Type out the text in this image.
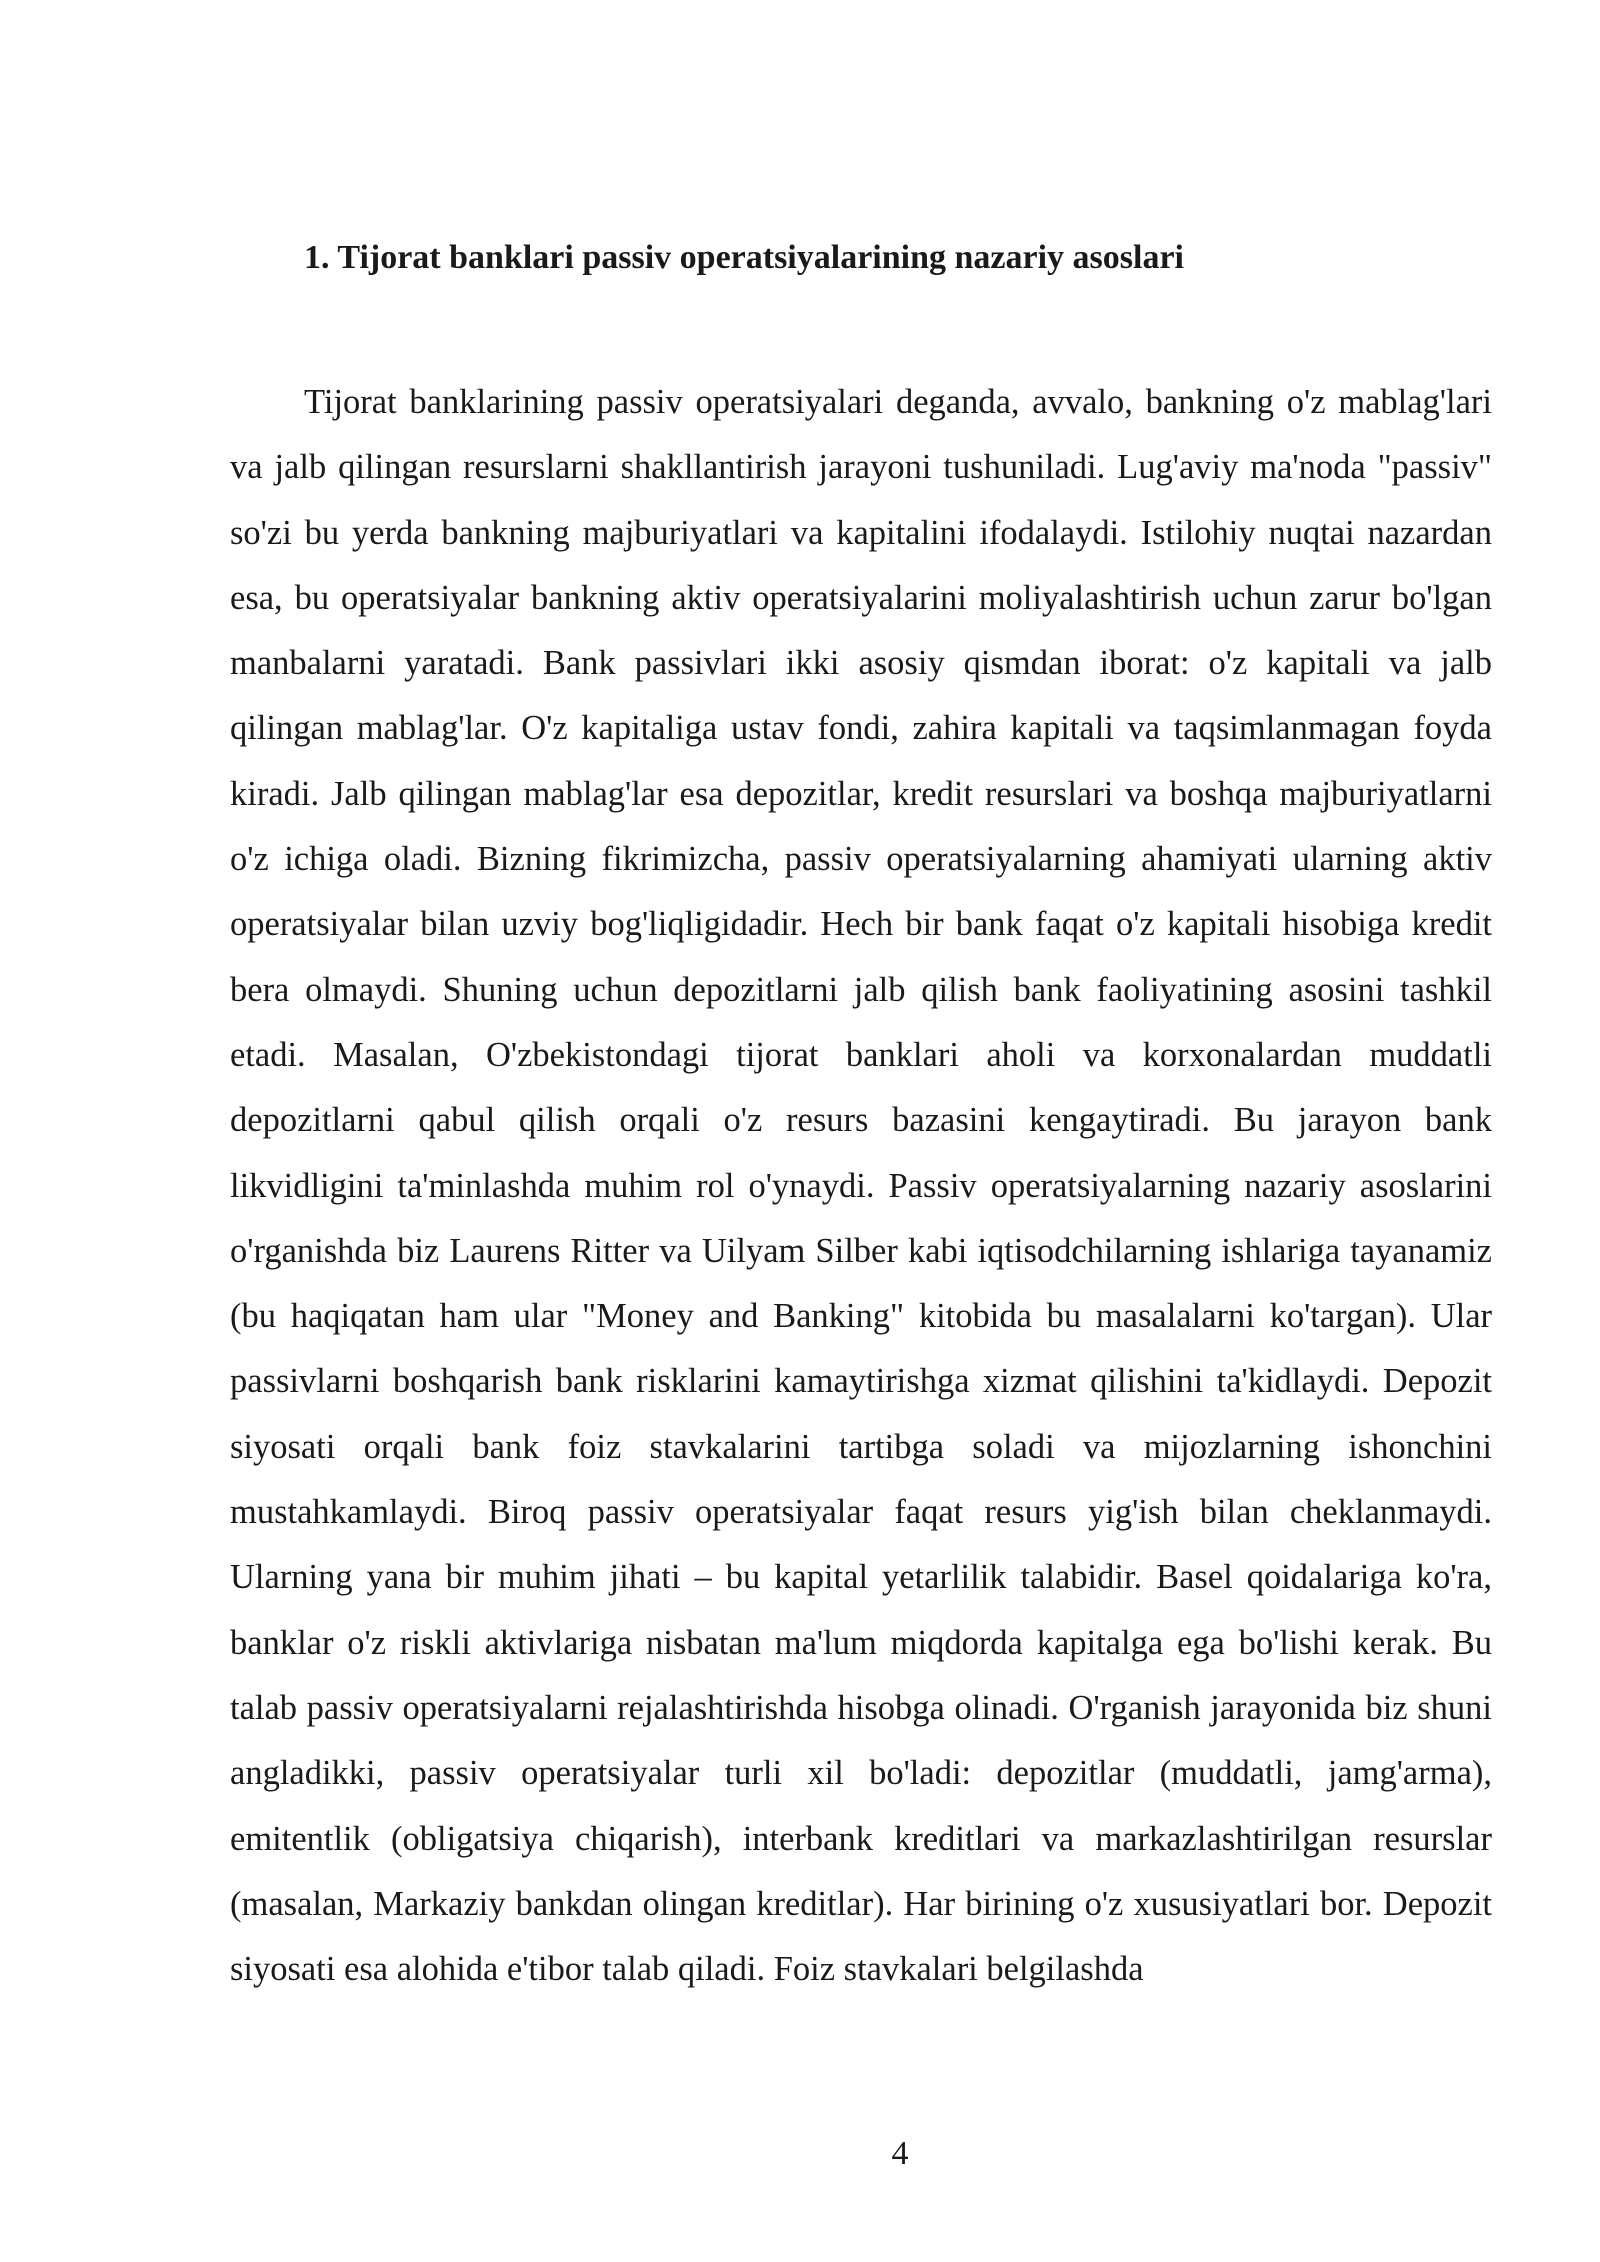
1. Tijorat banklari passiv operatsiyalarining nazariy asoslari

Tijorat banklarining passiv operatsiyalari deganda, avvalo, bankning o'z mablag'lari va jalb qilingan resurslarni shakllantirish jarayoni tushuniladi. Lug'aviy ma'noda "passiv" so'zi bu yerda bankning majburiyatlari va kapitalini ifodalaydi. Istilohiy nuqtai nazardan esa, bu operatsiyalar bankning aktiv operatsiyalarini moliyalashtirish uchun zarur bo'lgan manbalarni yaratadi. Bank passivlari ikki asosiy qismdan iborat: o'z kapitali va jalb qilingan mablag'lar. O'z kapitaliga ustav fondi, zahira kapitali va taqsimlanmagan foyda kiradi. Jalb qilingan mablag'lar esa depozitlar, kredit resurslari va boshqa majburiyatlarni o'z ichiga oladi. Bizning fikrimizcha, passiv operatsiyalarning ahamiyati ularning aktiv operatsiyalar bilan uzviy bog'liqligidadir. Hech bir bank faqat o'z kapitali hisobiga kredit bera olmaydi. Shuning uchun depozitlarni jalb qilish bank faoliyatining asosini tashkil etadi. Masalan, O'zbekistondagi tijorat banklari aholi va korxonalardan muddatli depozitlarni qabul qilish orqali o'z resurs bazasini kengaytiradi. Bu jarayon bank likvidligini ta'minlashda muhim rol o'ynaydi. Passiv operatsiyalarning nazariy asoslarini o'rganishda biz Laurens Ritter va Uilyam Silber kabi iqtisodchilarning ishlariga tayanamiz (bu haqiqatan ham ular "Money and Banking" kitobida bu masalalarni ko'targan). Ular passivlarni boshqarish bank risklarini kamaytirishga xizmat qilishini ta'kidlaydi. Depozit siyosati orqali bank foiz stavkalarini tartibga soladi va mijozlarning ishonchini mustahkamlaydi. Biroq passiv operatsiyalar faqat resurs yig'ish bilan cheklanmaydi. Ularning yana bir muhim jihati – bu kapital yetarlilik talabidir. Basel qoidalariga ko'ra, banklar o'z riskli aktivlariga nisbatan ma'lum miqdorda kapitalga ega bo'lishi kerak. Bu talab passiv operatsiyalarni rejalashtirishda hisobga olinadi. O'rganish jarayonida biz shuni angladikki, passiv operatsiyalar turli xil bo'ladi: depozitlar (muddatli, jamg'arma), emitentlik (obligatsiya chiqarish), interbank kreditlari va markazlashtirilgan resurslar (masalan, Markaziy bankdan olingan kreditlar). Har birining o'z xususiyatlari bor. Depozit siyosati esa alohida e'tibor talab qiladi. Foiz stavkalari belgilashda

4
